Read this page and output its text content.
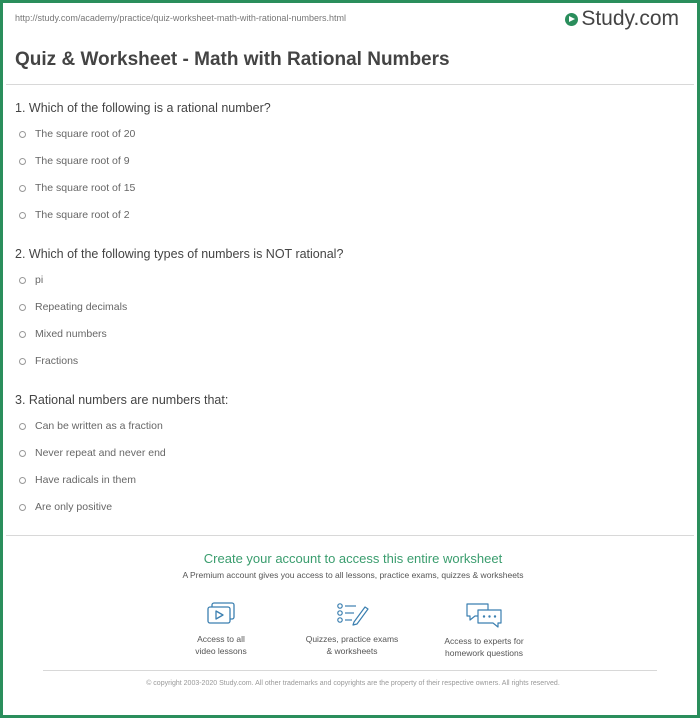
http://study.com/academy/practice/quiz-worksheet-math-with-rational-numbers.html	Study.com
Quiz & Worksheet - Math with Rational Numbers
1. Which of the following is a rational number?
The square root of 20
The square root of 9
The square root of 15
The square root of 2
2. Which of the following types of numbers is NOT rational?
pi
Repeating decimals
Mixed numbers
Fractions
3. Rational numbers are numbers that:
Can be written as a fraction
Never repeat and never end
Have radicals in them
Are only positive
Create your account to access this entire worksheet
A Premium account gives you access to all lessons, practice exams, quizzes & worksheets
Access to all
video lessons
Quizzes, practice exams
& worksheets
Access to experts for
homework questions
© copyright 2003-2020 Study.com. All other trademarks and copyrights are the property of their respective owners. All rights reserved.
